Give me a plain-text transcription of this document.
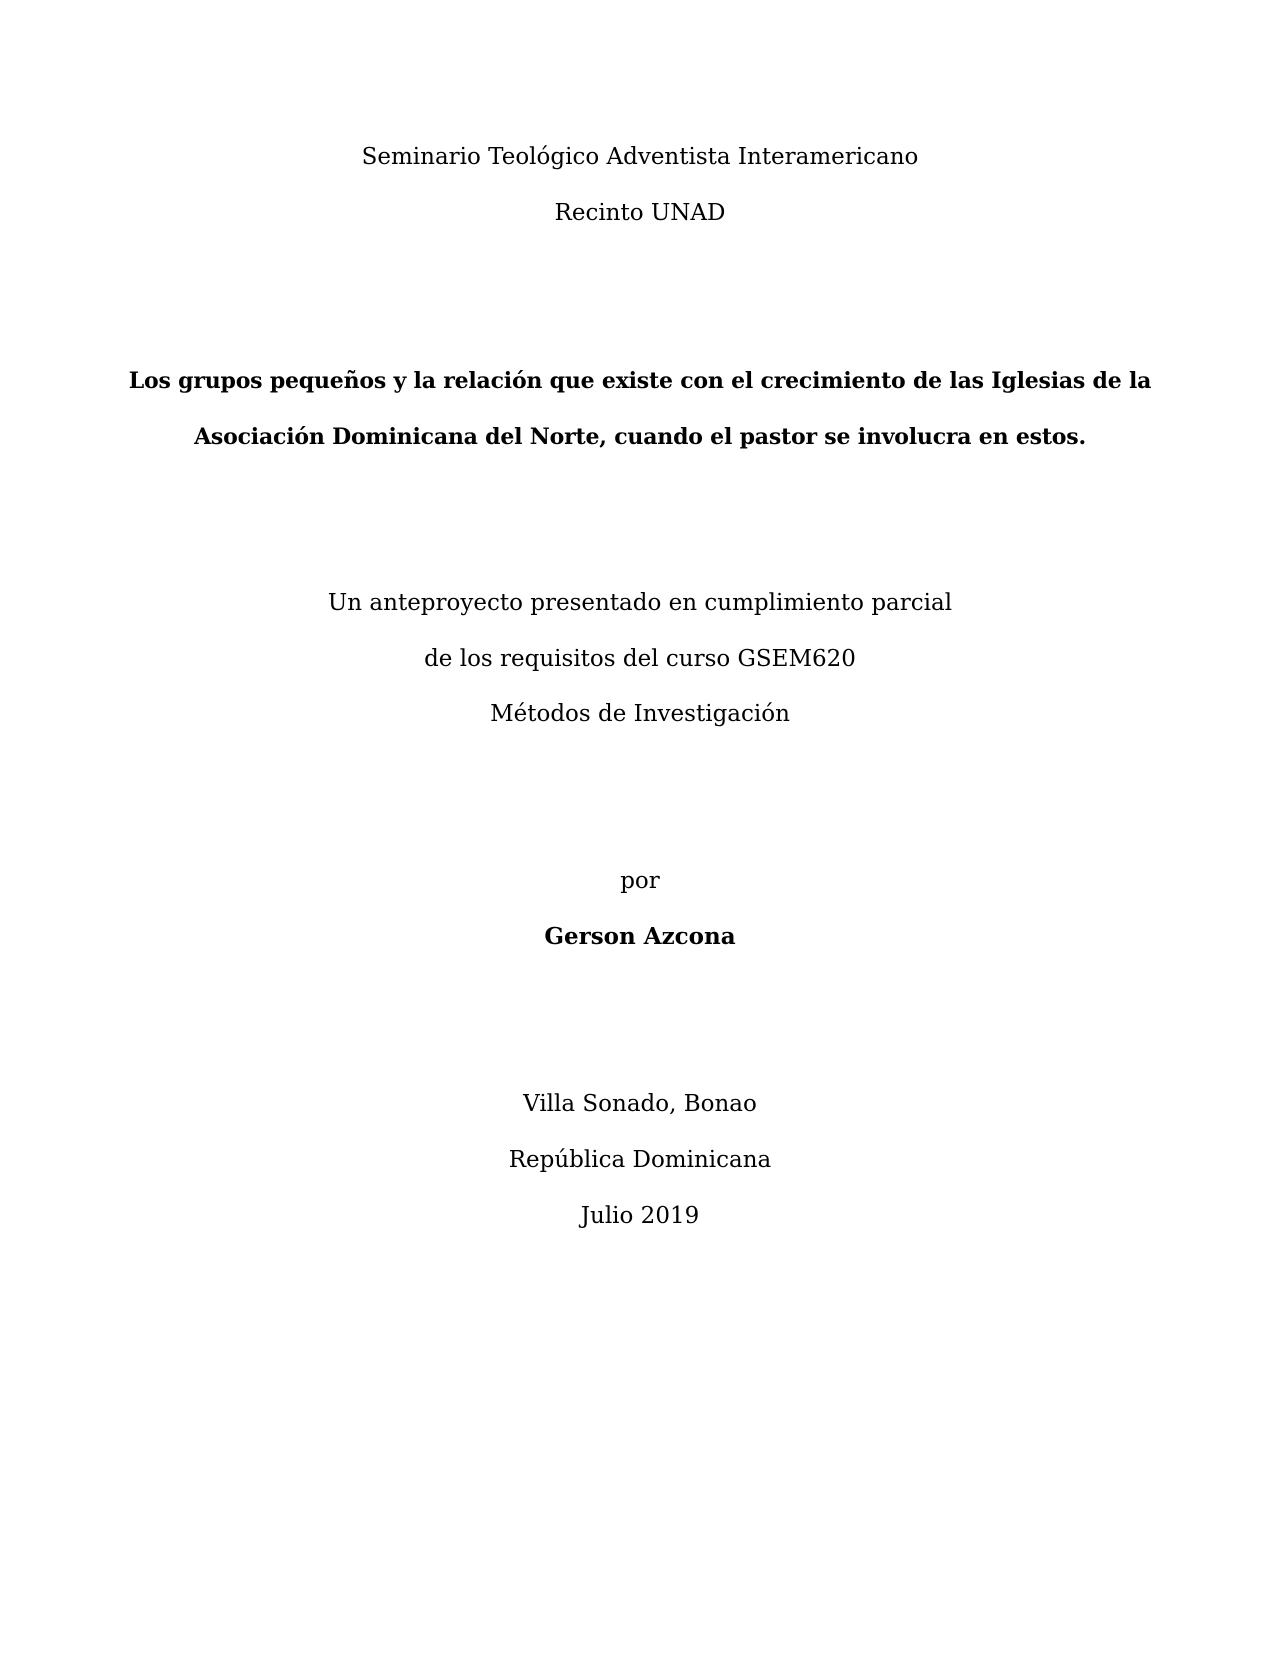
Seminario Teológico Adventista Interamericano
Recinto UNAD
Los grupos pequeños y la relación que existe con el crecimiento de las Iglesias de la
Asociación Dominicana del Norte, cuando el pastor se involucra en estos.
Un anteproyecto presentado en cumplimiento parcial
de los requisitos del curso GSEM620
Métodos de Investigación
por
Gerson Azcona
Villa Sonado, Bonao
República Dominicana
Julio 2019
